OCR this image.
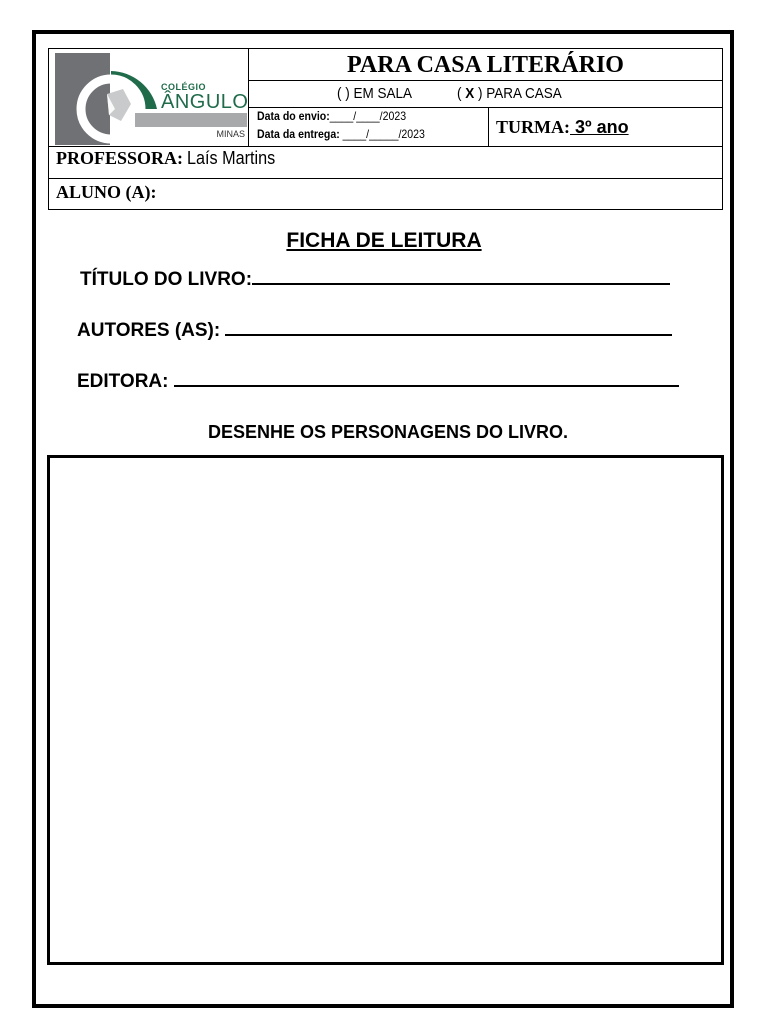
COLÉGIO
ÂNGULO
MINAS
PARA CASA LITERÁRIO
( ) EM SALA	( X ) PARA CASA
Data do envio:____/____/2023
Data da entrega: ____/_____/2023	TURMA: 3º ano
PROFESSORA: Laís Martins
ALUNO (A):
FICHA DE LEITURA
TÍTULO DO LIVRO:
AUTORES (AS):
EDITORA:
DESENHE OS PERSONAGENS DO LIVRO.
